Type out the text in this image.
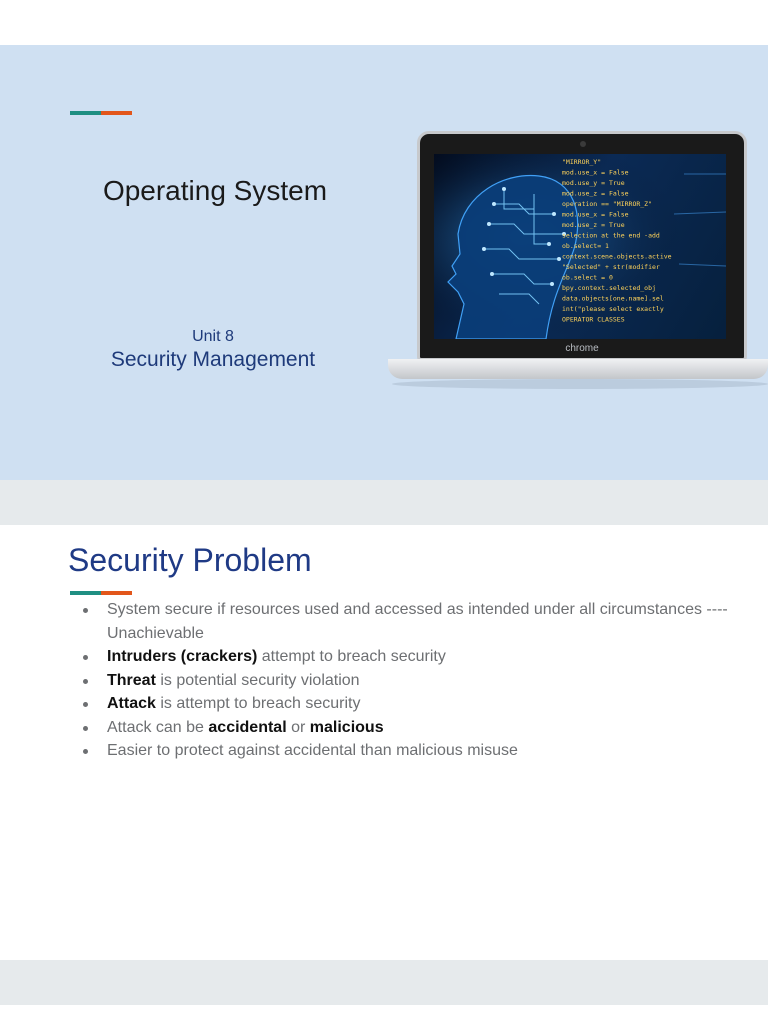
Operating System
Unit 8
Security Management
"MIRROR_Y"
mod.use_x = False
mod.use_y = True
mod.use_z = False
operation == "MIRROR_Z"
mod.use_x = False
mod.use_z = True
selection at the end -add
ob.select= 1
context.scene.objects.active
"Selected" + str(modifier
ob.select = 0
bpy.context.selected_obj
data.objects[one.name].sel
int("please select exactly
OPERATOR CLASSES
chrome
Security Problem
System secure if resources used and accessed as intended under all circumstances ---- Unachievable
Intruders (crackers) attempt to breach security
Threat is potential security violation
Attack is attempt to breach security
Attack can be accidental or malicious
Easier to protect against accidental than malicious misuse
